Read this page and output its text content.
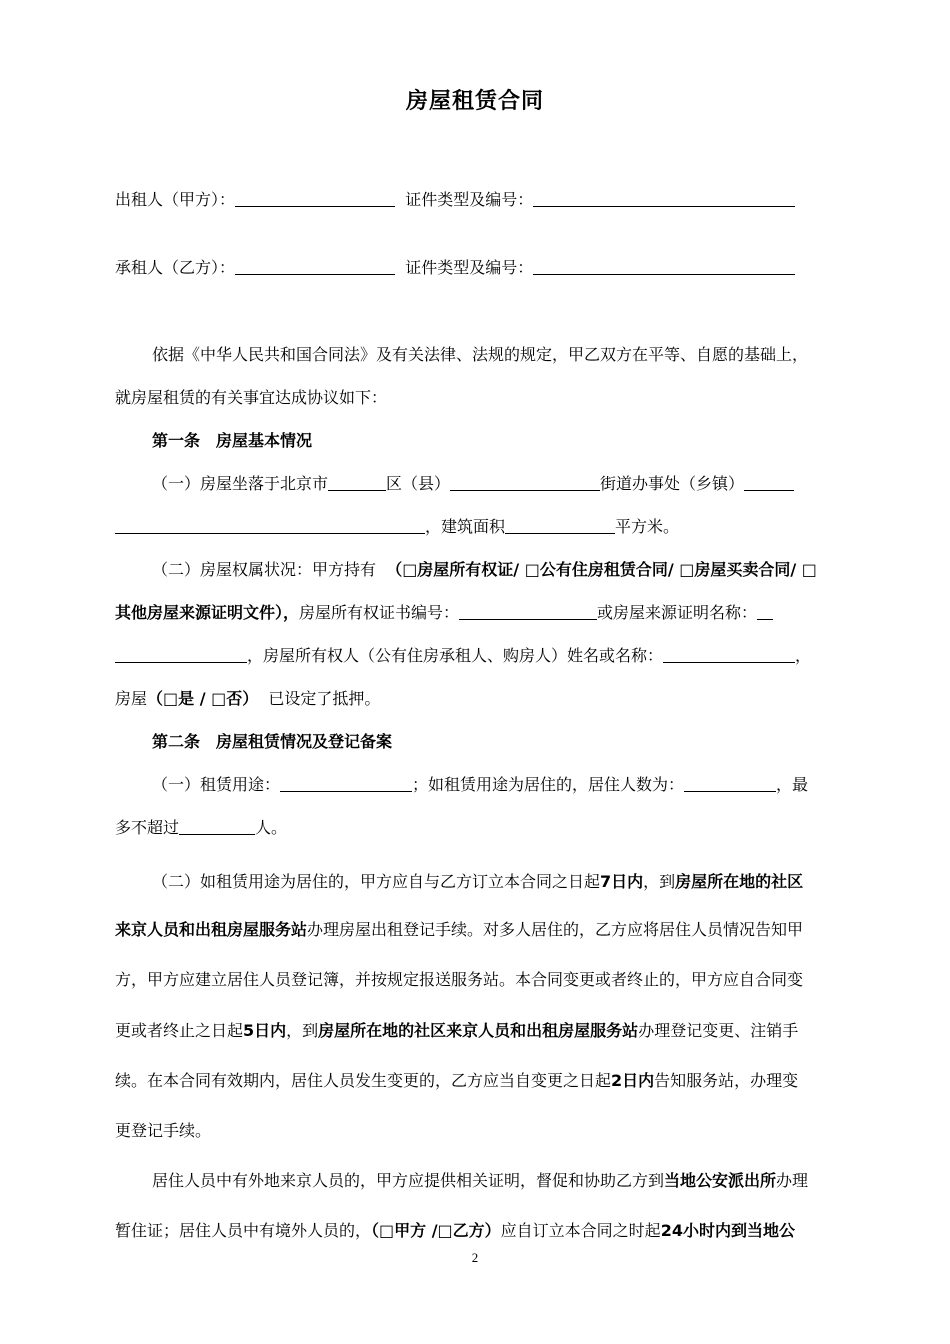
房屋租赁合同
出租人（甲方）：	证件类型及编号：
承租人（乙方）：	证件类型及编号：
依据《中华人民共和国合同法》及有关法律、法规的规定，甲乙双方在平等、自愿的基础上，
就房屋租赁的有关事宜达成协议如下：
第一条　房屋基本情况
（一）房屋坐落于北京市	区（县）	街道办事处（乡镇）
，建筑面积	平方米。
（二）房屋权属状况：甲方持有 （□房屋所有权证/ □公有住房租赁合同/ □房屋买卖合同/ □
其他房屋来源证明文件），房屋所有权证书编号：	或房屋来源证明名称：
，房屋所有权人（公有住房承租人、购房人）姓名或名称：	，
房屋（□是 / □否） 已设定了抵押。
第二条　房屋租赁情况及登记备案
（一）租赁用途：	；如租赁用途为居住的，居住人数为：	，最
多不超过	人。
（二）如租赁用途为居住的，甲方应自与乙方订立本合同之日起7日内，到房屋所在地的社区
来京人员和出租房屋服务站办理房屋出租登记手续。对多人居住的，乙方应将居住人员情况告知甲
方，甲方应建立居住人员登记簿，并按规定报送服务站。本合同变更或者终止的，甲方应自合同变
更或者终止之日起5日内，到房屋所在地的社区来京人员和出租房屋服务站办理登记变更、注销手
续。在本合同有效期内，居住人员发生变更的，乙方应当自变更之日起2日内告知服务站，办理变
更登记手续。
居住人员中有外地来京人员的，甲方应提供相关证明，督促和协助乙方到当地公安派出所办理
暂住证；居住人员中有境外人员的，（□甲方 /□乙方）应自订立本合同之时起24小时内到当地公
2
